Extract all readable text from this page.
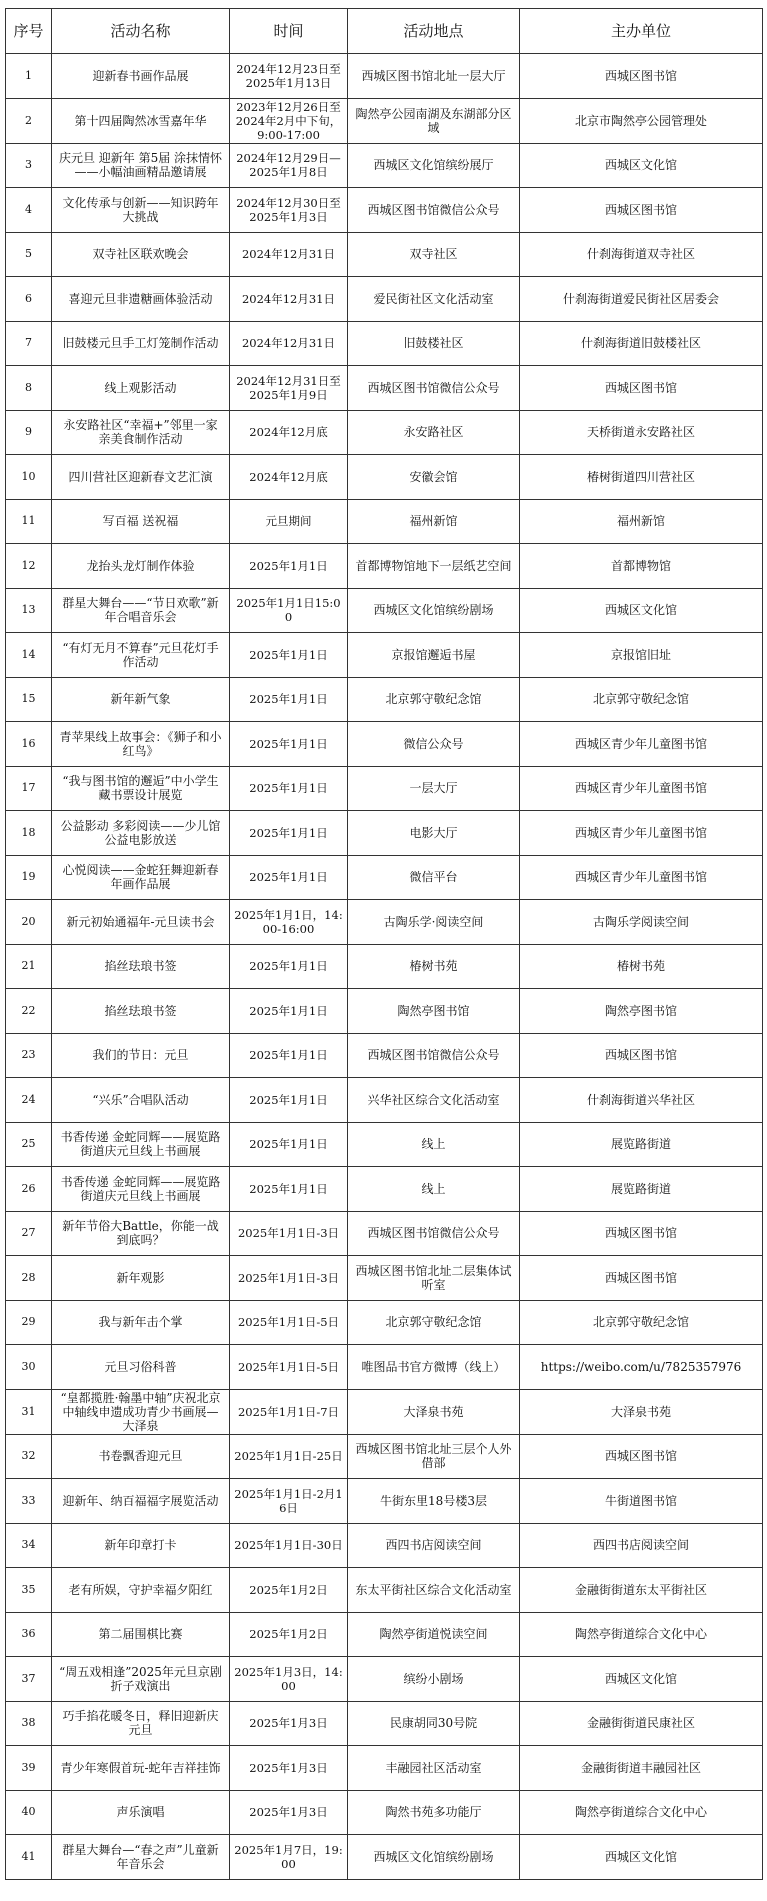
序号	活动名称	时间	活动地点	主办单位
1	迎新春书画作品展	2024年12月23日至2025年1月13日	西城区图书馆北址一层大厅	西城区图书馆
2	第十四届陶然冰雪嘉年华	2023年12月26日至2024年2月中下旬，9:00-17:00	陶然亭公园南湖及东湖部分区域	北京市陶然亭公园管理处
3	庆元旦 迎新年 第5届 涂抹情怀——小幅油画精品邀请展	2024年12月29日—2025年1月8日	西城区文化馆缤纷展厅	西城区文化馆
4	文化传承与创新——知识跨年大挑战	2024年12月30日至2025年1月3日	西城区图书馆微信公众号	西城区图书馆
5	双寺社区联欢晚会	2024年12月31日	双寺社区	什刹海街道双寺社区
6	喜迎元旦非遗糖画体验活动	2024年12月31日	爱民街社区文化活动室	什刹海街道爱民街社区居委会
7	旧鼓楼元旦手工灯笼制作活动	2024年12月31日	旧鼓楼社区	什刹海街道旧鼓楼社区
8	线上观影活动	2024年12月31日至2025年1月9日	西城区图书馆微信公众号	西城区图书馆
9	永安路社区“幸福+”邻里一家亲美食制作活动	2024年12月底	永安路社区	天桥街道永安路社区
10	四川营社区迎新春文艺汇演	2024年12月底	安徽会馆	椿树街道四川营社区
11	写百福 送祝福	元旦期间	福州新馆	福州新馆
12	龙抬头龙灯制作体验	2025年1月1日	首都博物馆地下一层纸艺空间	首都博物馆
13	群星大舞台——“节日欢歌”新年合唱音乐会	2025年1月1日15:00	西城区文化馆缤纷剧场	西城区文化馆
14	“有灯无月不算春”元旦花灯手作活动	2025年1月1日	京报馆邂逅书屋	京报馆旧址
15	新年新气象	2025年1月1日	北京郭守敬纪念馆	北京郭守敬纪念馆
16	青苹果线上故事会：《狮子和小红鸟》	2025年1月1日	微信公众号	西城区青少年儿童图书馆
17	“我与图书馆的邂逅”中小学生藏书票设计展览	2025年1月1日	一层大厅	西城区青少年儿童图书馆
18	公益影动 多彩阅读——少儿馆公益电影放送	2025年1月1日	电影大厅	西城区青少年儿童图书馆
19	心悦阅读——金蛇狂舞迎新春 年画作品展	2025年1月1日	微信平台	西城区青少年儿童图书馆
20	新元初始通福年-元旦读书会	2025年1月1日，14:00-16:00	古陶乐学·阅读空间	古陶乐学阅读空间
21	掐丝珐琅书签	2025年1月1日	椿树书苑	椿树书苑
22	掐丝珐琅书签	2025年1月1日	陶然亭图书馆	陶然亭图书馆
23	我们的节日：元旦	2025年1月1日	西城区图书馆微信公众号	西城区图书馆
24	“兴乐”合唱队活动	2025年1月1日	兴华社区综合文化活动室	什刹海街道兴华社区
25	书香传递 金蛇同辉——展览路街道庆元旦线上书画展	2025年1月1日	线上	展览路街道
26	书香传递 金蛇同辉——展览路街道庆元旦线上书画展	2025年1月1日	线上	展览路街道
27	新年节俗大Battle，你能一战到底吗？	2025年1月1日-3日	西城区图书馆微信公众号	西城区图书馆
28	新年观影	2025年1月1日-3日	西城区图书馆北址二层集体试听室	西城区图书馆
29	我与新年击个掌	2025年1月1日-5日	北京郭守敬纪念馆	北京郭守敬纪念馆
30	元旦习俗科普	2025年1月1日-5日	唯图品书官方微博（线上）	https://weibo.com/u/7825357976
31	“皇都揽胜·翰墨中轴”庆祝北京中轴线申遗成功青少书画展—大泽泉	2025年1月1日-7日	大泽泉书苑	大泽泉书苑
32	书卷飘香迎元旦	2025年1月1日-25日	西城区图书馆北址三层个人外借部	西城区图书馆
33	迎新年、纳百福福字展览活动	2025年1月1日-2月16日	牛街东里18号楼3层	牛街道图书馆
34	新年印章打卡	2025年1月1日-30日	西四书店阅读空间	西四书店阅读空间
35	老有所娱，守护幸福夕阳红	2025年1月2日	东太平街社区综合文化活动室	金融街街道东太平街社区
36	第二届围棋比赛	2025年1月2日	陶然亭街道悦读空间	陶然亭街道综合文化中心
37	“周五戏相逢”2025年元旦京剧折子戏演出	2025年1月3日，14:00	缤纷小剧场	西城区文化馆
38	巧手掐花暖冬日，释旧迎新庆元旦	2025年1月3日	民康胡同30号院	金融街街道民康社区
39	青少年寒假首玩-蛇年吉祥挂饰	2025年1月3日	丰融园社区活动室	金融街街道丰融园社区
40	声乐演唱	2025年1月3日	陶然书苑多功能厅	陶然亭街道综合文化中心
41	群星大舞台—“春之声”儿童新年音乐会	2025年1月7日，19:00	西城区文化馆缤纷剧场	西城区文化馆
